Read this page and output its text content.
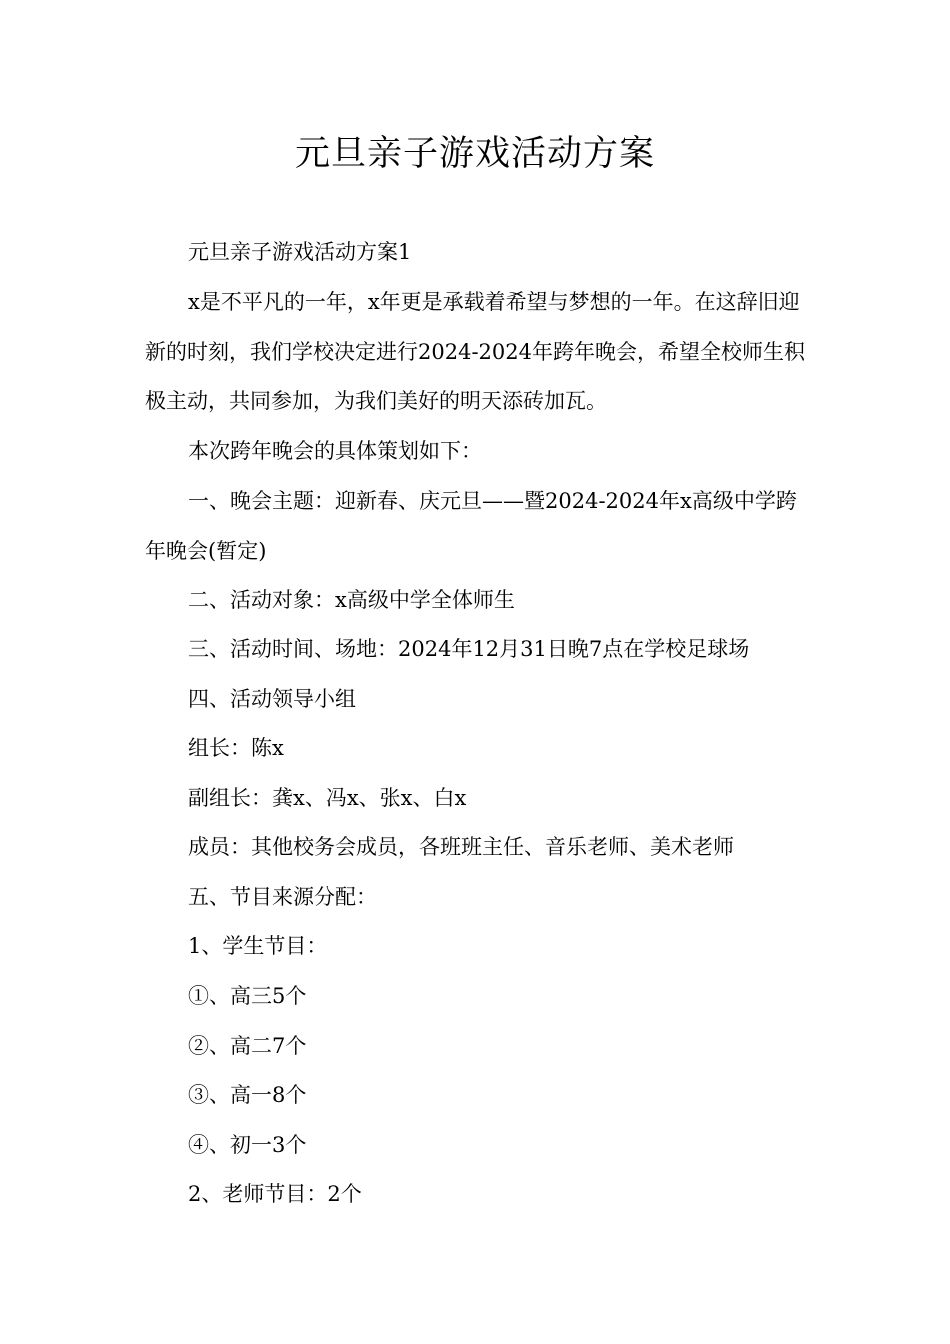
元旦亲子游戏活动方案

元旦亲子游戏活动方案1

x是不平凡的一年，x年更是承载着希望与梦想的一年。在这辞旧迎新的时刻，我们学校决定进行2024-2024年跨年晚会，希望全校师生积极主动，共同参加，为我们美好的明天添砖加瓦。

本次跨年晚会的具体策划如下：

一、晚会主题：迎新春、庆元旦——暨2024-2024年x高级中学跨年晚会(暂定)

二、活动对象：x高级中学全体师生

三、活动时间、场地：2024年12月31日晚7点在学校足球场

四、活动领导小组

组长：陈x

副组长：龚x、冯x、张x、白x

成员：其他校务会成员，各班班主任、音乐老师、美术老师

五、节目来源分配：

1、学生节目：

①、高三5个

②、高二7个

③、高一8个

④、初一3个

2、老师节目：2个
